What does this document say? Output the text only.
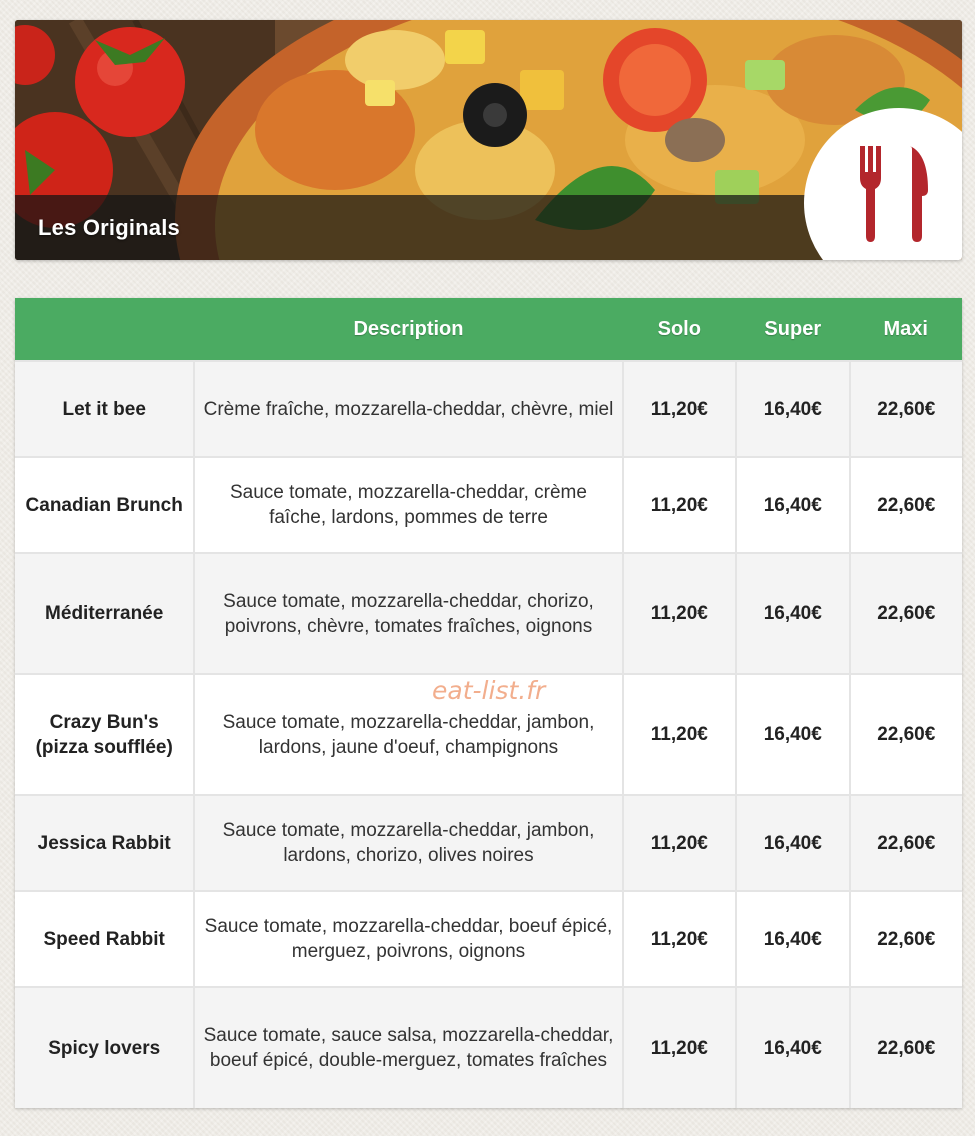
Les Originals
	Description	Solo	Super	Maxi
Let it bee	Crème fraîche, mozzarella-cheddar, chèvre, miel	11,20€	16,40€	22,60€
Canadian Brunch	Sauce tomate, mozzarella-cheddar, crème faîche, lardons, pommes de terre	11,20€	16,40€	22,60€
Méditerranée	Sauce tomate, mozzarella-cheddar, chorizo, poivrons, chèvre, tomates fraîches, oignons	11,20€	16,40€	22,60€
Crazy Bun's (pizza soufflée)	Sauce tomate, mozzarella-cheddar, jambon, lardons, jaune d'oeuf, champignons	11,20€	16,40€	22,60€
Jessica Rabbit	Sauce tomate, mozzarella-cheddar, jambon, lardons, chorizo, olives noires	11,20€	16,40€	22,60€
Speed Rabbit	Sauce tomate, mozzarella-cheddar, boeuf épicé, merguez, poivrons, oignons	11,20€	16,40€	22,60€
Spicy lovers	Sauce tomate, sauce salsa, mozzarella-cheddar, boeuf épicé, double-merguez, tomates fraîches	11,20€	16,40€	22,60€
eat-list.fr
